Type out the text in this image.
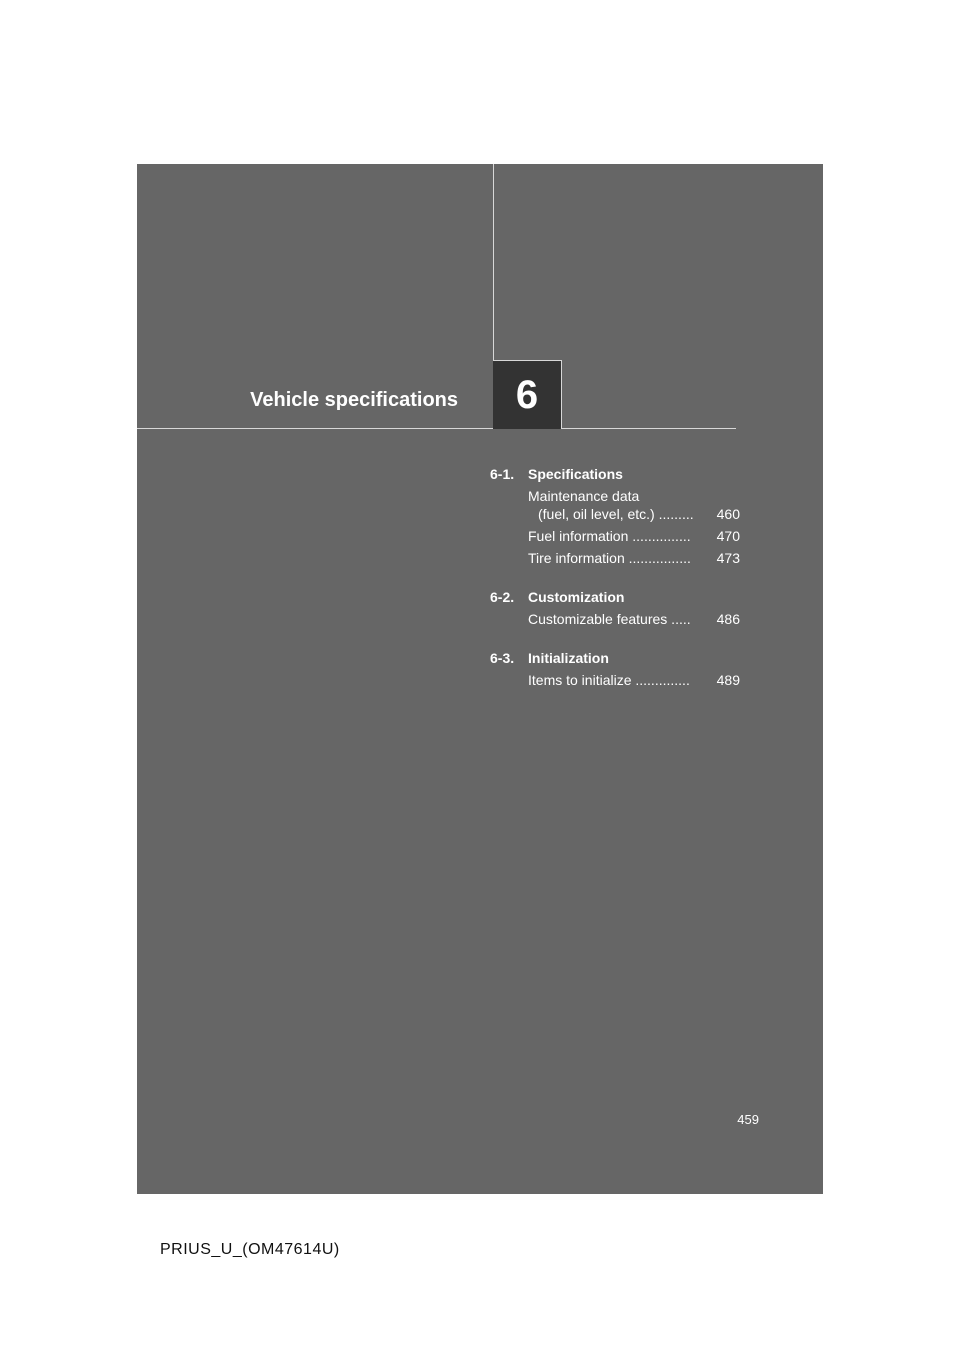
Vehicle specifications	6
6-1. Specifications
Maintenance data
(fuel, oil level, etc.) .........	460
Fuel information ...............	470
Tire information ................	473
6-2. Customization
Customizable features .....	486
6-3. Initialization
Items to initialize ..............	489
459
PRIUS_U_(OM47614U)
